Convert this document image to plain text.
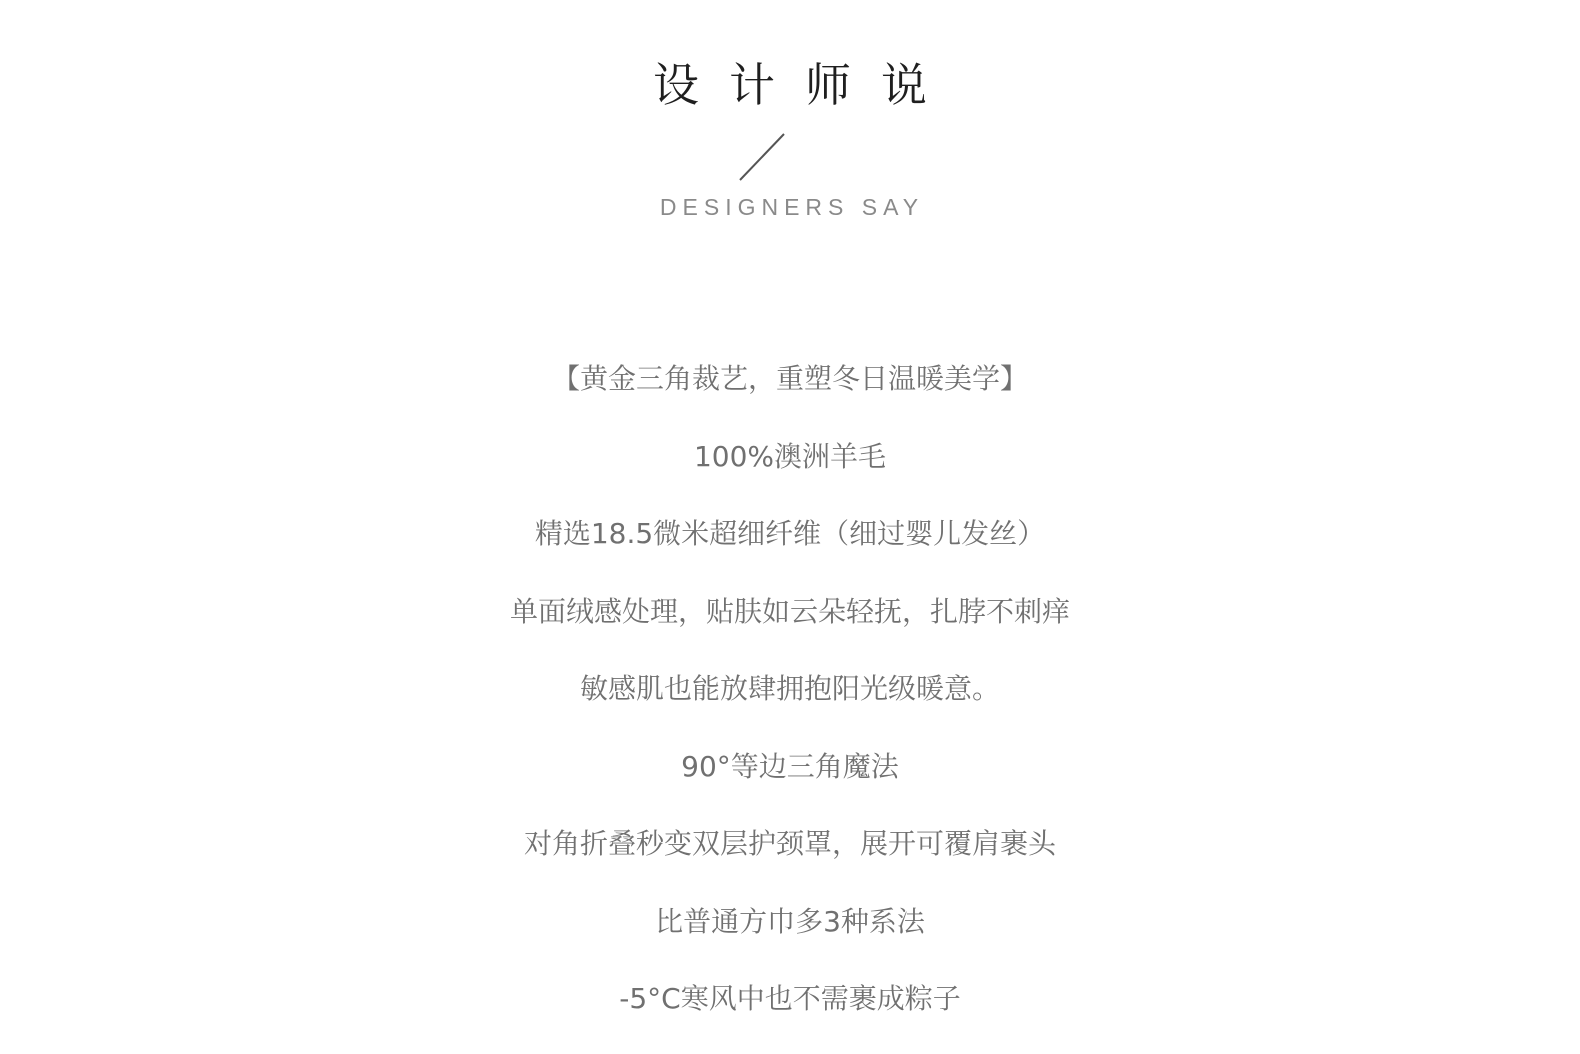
设计师说
DESIGNERS SAY
【黄金三角裁艺，重塑冬日温暖美学】
100%澳洲羊毛
精选18.5微米超细纤维（细过婴儿发丝）
单面绒感处理，贴肤如云朵轻抚，扎脖不刺痒
敏感肌也能放肆拥抱阳光级暖意。
90°等边三角魔法
对角折叠秒变双层护颈罩，展开可覆肩裹头
比普通方巾多3种系法
-5°C寒风中也不需裹成粽子
